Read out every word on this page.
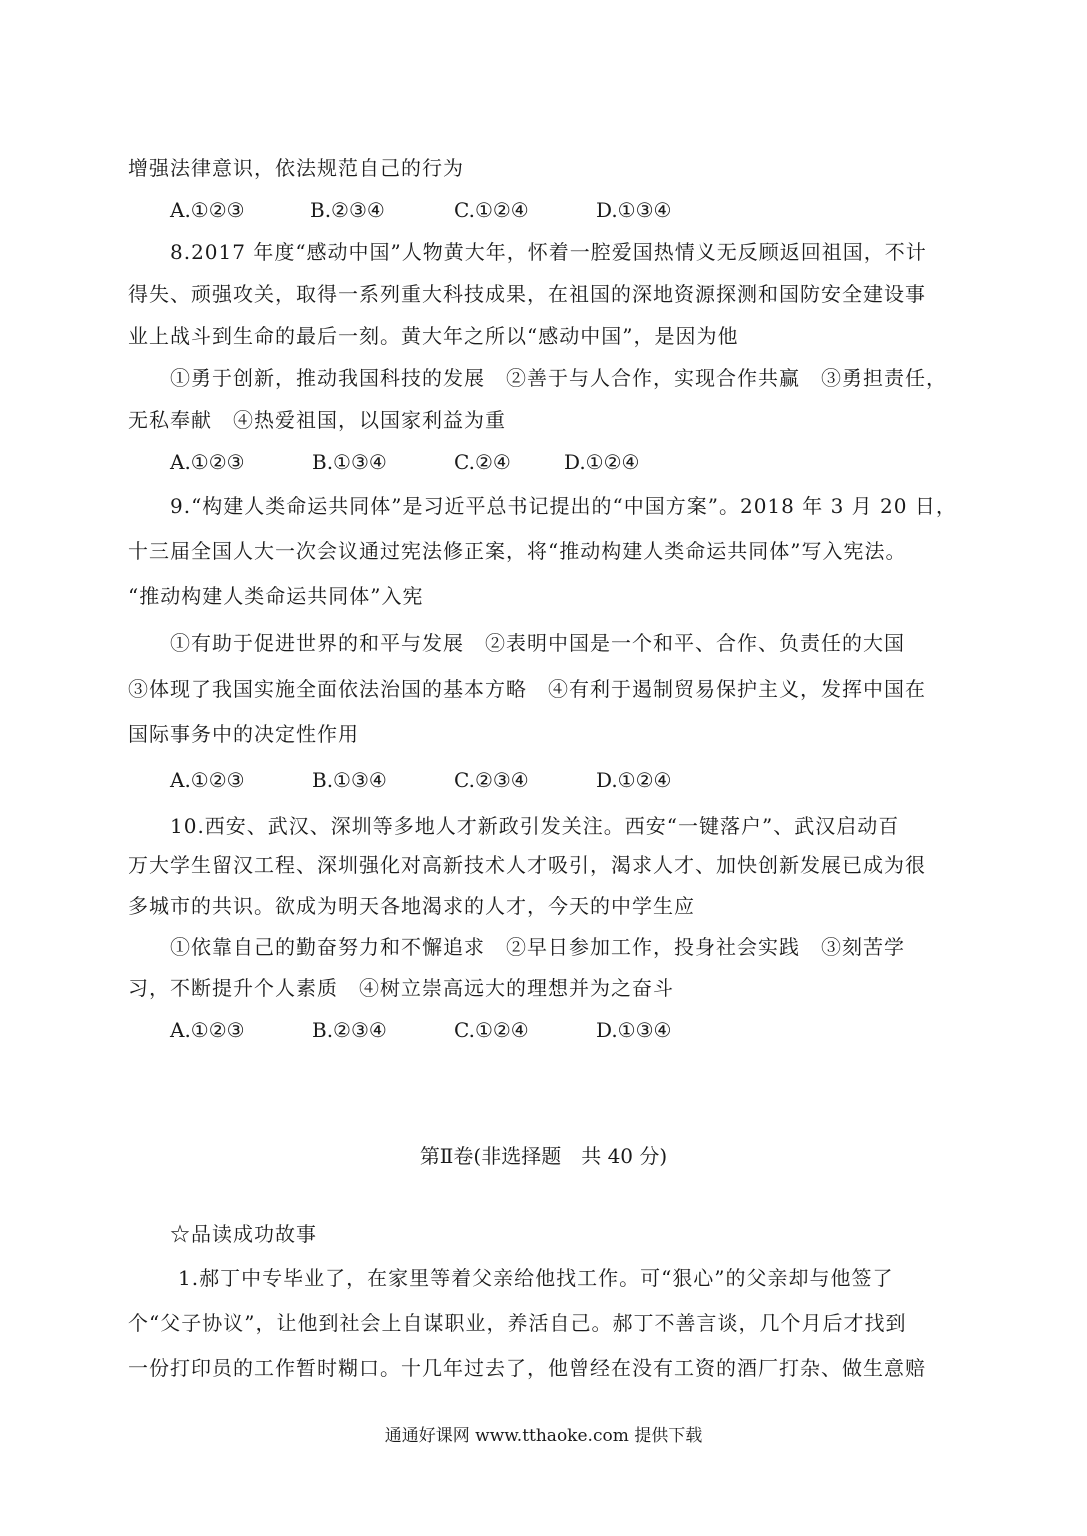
增强法律意识，依法规范自己的行为
A.①②③	B.②③④	C.①②④	D.①③④
8.2017 年度“感动中国”人物黄大年，怀着一腔爱国热情义无反顾返回祖国，不计
得失、顽强攻关，取得一系列重大科技成果，在祖国的深地资源探测和国防安全建设事
业上战斗到生命的最后一刻。黄大年之所以“感动中国”，是因为他
①勇于创新，推动我国科技的发展　②善于与人合作，实现合作共赢　③勇担责任，
无私奉献　④热爱祖国，以国家利益为重
A.①②③	B.①③④	C.②④	D.①②④
9.“构建人类命运共同体”是习近平总书记提出的“中国方案”。2018 年 3 月 20 日，
十三届全国人大一次会议通过宪法修正案，将“推动构建人类命运共同体”写入宪法。
“推动构建人类命运共同体”入宪
①有助于促进世界的和平与发展　②表明中国是一个和平、合作、负责任的大国
③体现了我国实施全面依法治国的基本方略　④有利于遏制贸易保护主义，发挥中国在
国际事务中的决定性作用
A.①②③	B.①③④	C.②③④	D.①②④
10.西安、武汉、深圳等多地人才新政引发关注。西安“一键落户”、武汉启动百
万大学生留汉工程、深圳强化对高新技术人才吸引，渴求人才、加快创新发展已成为很
多城市的共识。欲成为明天各地渴求的人才，今天的中学生应
①依靠自己的勤奋努力和不懈追求　②早日参加工作，投身社会实践　③刻苦学
习，不断提升个人素质　④树立崇高远大的理想并为之奋斗
A.①②③	B.②③④	C.①②④	D.①③④
第Ⅱ卷(非选择题　共 40 分)
☆品读成功故事
1.郝丁中专毕业了，在家里等着父亲给他找工作。可“狠心”的父亲却与他签了
个“父子协议”，让他到社会上自谋职业，养活自己。郝丁不善言谈，几个月后才找到
一份打印员的工作暂时糊口。十几年过去了，他曾经在没有工资的酒厂打杂、做生意赔
通通好课网 www.tthaoke.com 提供下载
